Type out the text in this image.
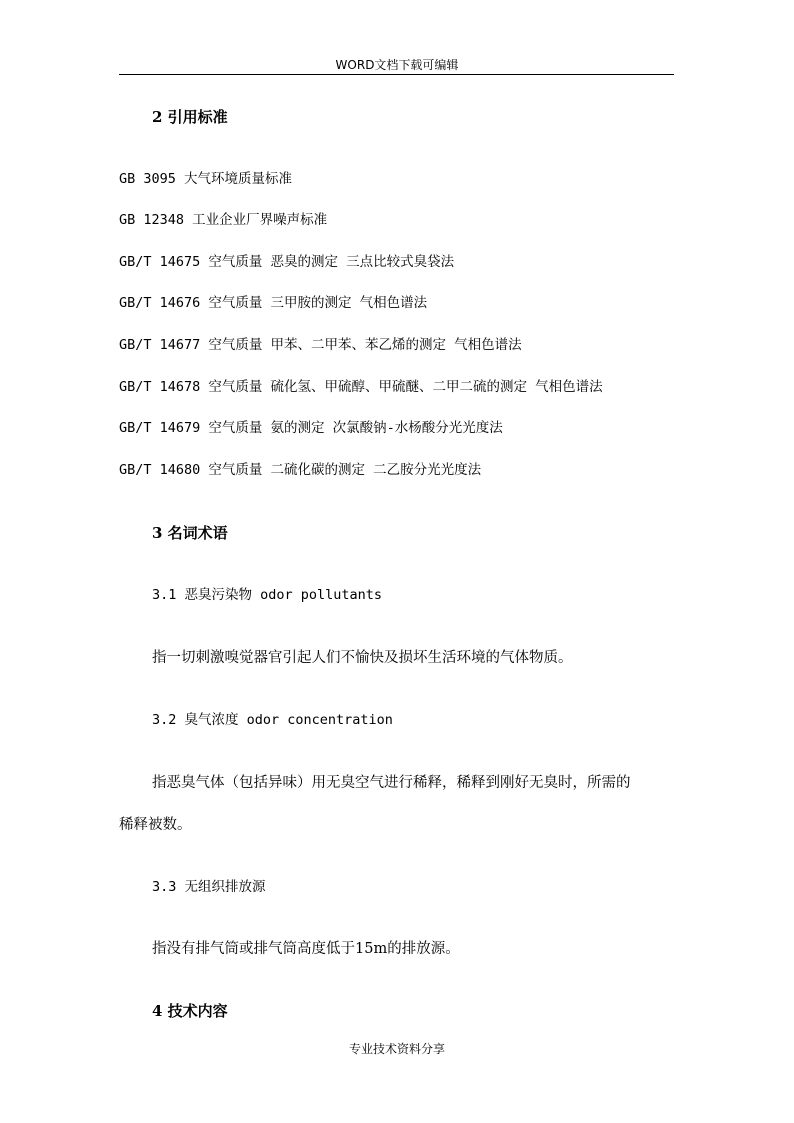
WORD文档下载可编辑
2 引用标准
GB 3095 大气环境质量标准
GB 12348 工业企业厂界噪声标准
GB/T 14675 空气质量 恶臭的测定 三点比较式臭袋法
GB/T 14676 空气质量 三甲胺的测定 气相色谱法
GB/T 14677 空气质量 甲苯、二甲苯、苯乙烯的测定 气相色谱法
GB/T 14678 空气质量 硫化氢、甲硫醇、甲硫醚、二甲二硫的测定 气相色谱法
GB/T 14679 空气质量 氨的测定 次氯酸钠-水杨酸分光光度法
GB/T 14680 空气质量 二硫化碳的测定 二乙胺分光光度法
3 名词术语
3.1 恶臭污染物 odor pollutants
指一切刺激嗅觉器官引起人们不愉快及损坏生活环境的气体物质。
3.2 臭气浓度 odor concentration
指恶臭气体（包括异味）用无臭空气进行稀释，稀释到刚好无臭时，所需的
稀释被数。
3.3 无组织排放源
指没有排气筒或排气筒高度低于15m的排放源。
4 技术内容
专业技术资料分享
